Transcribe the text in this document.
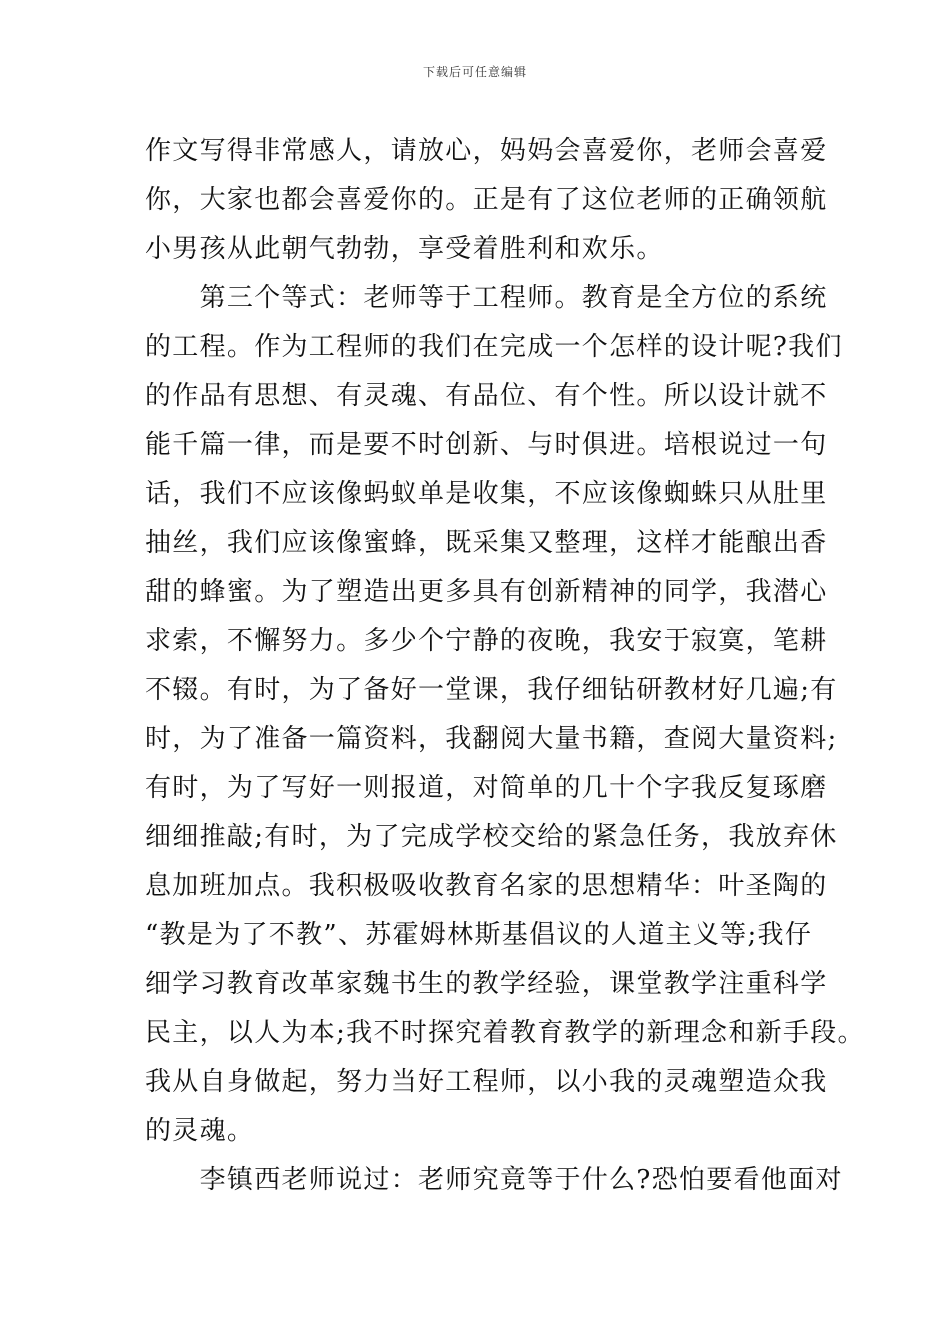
下载后可任意编辑
作文写得非常感人，请放心，妈妈会喜爱你，老师会喜爱
你，大家也都会喜爱你的。正是有了这位老师的正确领航
小男孩从此朝气勃勃，享受着胜利和欢乐。
　　第三个等式：老师等于工程师。教育是全方位的系统
的工程。作为工程师的我们在完成一个怎样的设计呢?我们
的作品有思想、有灵魂、有品位、有个性。所以设计就不
能千篇一律，而是要不时创新、与时俱进。培根说过一句
话，我们不应该像蚂蚁单是收集，不应该像蜘蛛只从肚里
抽丝，我们应该像蜜蜂，既采集又整理，这样才能酿出香
甜的蜂蜜。为了塑造出更多具有创新精神的同学，我潜心
求索，不懈努力。多少个宁静的夜晚，我安于寂寞，笔耕
不辍。有时，为了备好一堂课，我仔细钻研教材好几遍;有
时，为了准备一篇资料，我翻阅大量书籍，查阅大量资料;
有时，为了写好一则报道，对简单的几十个字我反复琢磨
细细推敲;有时，为了完成学校交给的紧急任务，我放弃休
息加班加点。我积极吸收教育名家的思想精华：叶圣陶的
“教是为了不教”、苏霍姆林斯基倡议的人道主义等;我仔
细学习教育改革家魏书生的教学经验，课堂教学注重科学
民主，以人为本;我不时探究着教育教学的新理念和新手段。
我从自身做起，努力当好工程师，以小我的灵魂塑造众我
的灵魂。
　　李镇西老师说过：老师究竟等于什么?恐怕要看他面对
